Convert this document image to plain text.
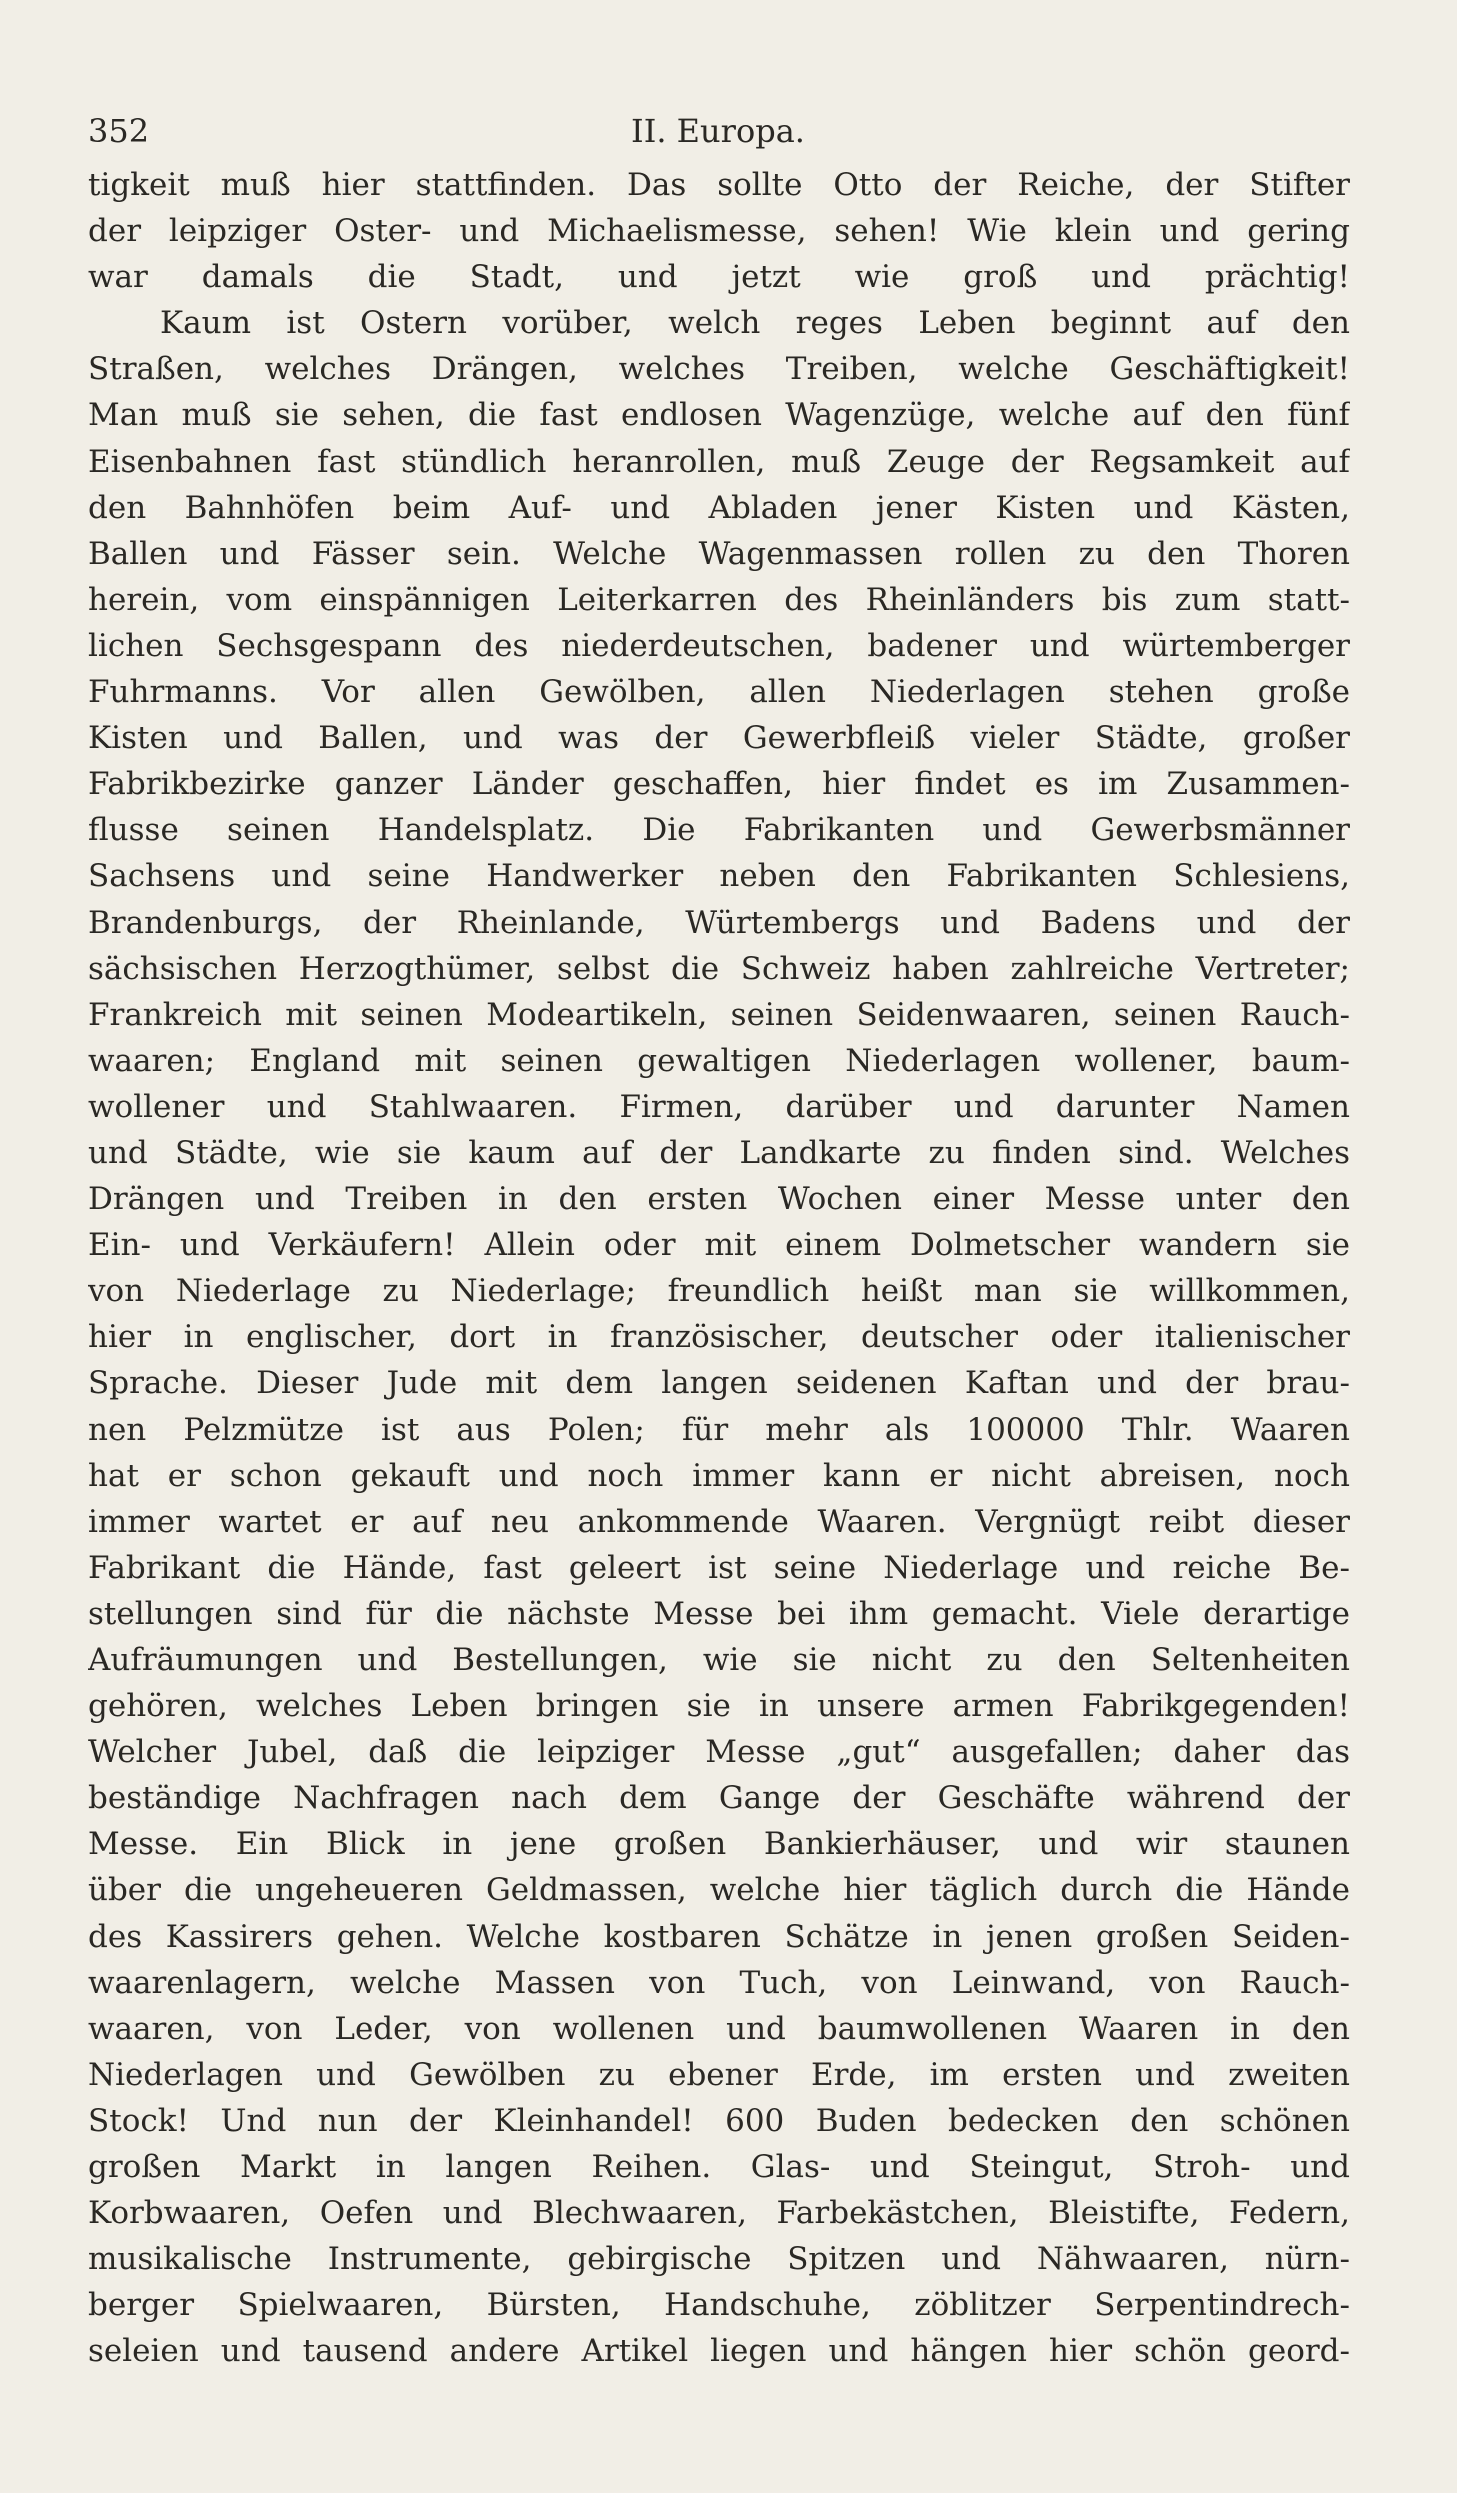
352	II. Europa.
tigkeit muß hier stattfinden. Das sollte Otto der Reiche, der Stifter
der leipziger Oster- und Michaelismesse, sehen! Wie klein und gering
war damals die Stadt, und jetzt wie groß und prächtig!
Kaum ist Ostern vorüber, welch reges Leben beginnt auf den
Straßen, welches Drängen, welches Treiben, welche Geschäftigkeit!
Man muß sie sehen, die fast endlosen Wagenzüge, welche auf den fünf
Eisenbahnen fast stündlich heranrollen, muß Zeuge der Regsamkeit auf
den Bahnhöfen beim Auf- und Abladen jener Kisten und Kästen,
Ballen und Fässer sein. Welche Wagenmassen rollen zu den Thoren
herein, vom einspännigen Leiterkarren des Rheinländers bis zum statt-
lichen Sechsgespann des niederdeutschen, badener und würtemberger
Fuhrmanns. Vor allen Gewölben, allen Niederlagen stehen große
Kisten und Ballen, und was der Gewerbfleiß vieler Städte, großer
Fabrikbezirke ganzer Länder geschaffen, hier findet es im Zusammen-
flusse seinen Handelsplatz. Die Fabrikanten und Gewerbsmänner
Sachsens und seine Handwerker neben den Fabrikanten Schlesiens,
Brandenburgs, der Rheinlande, Würtembergs und Badens und der
sächsischen Herzogthümer, selbst die Schweiz haben zahlreiche Vertreter;
Frankreich mit seinen Modeartikeln, seinen Seidenwaaren, seinen Rauch-
waaren; England mit seinen gewaltigen Niederlagen wollener, baum-
wollener und Stahlwaaren. Firmen, darüber und darunter Namen
und Städte, wie sie kaum auf der Landkarte zu finden sind. Welches
Drängen und Treiben in den ersten Wochen einer Messe unter den
Ein- und Verkäufern! Allein oder mit einem Dolmetscher wandern sie
von Niederlage zu Niederlage; freundlich heißt man sie willkommen,
hier in englischer, dort in französischer, deutscher oder italienischer
Sprache. Dieser Jude mit dem langen seidenen Kaftan und der brau-
nen Pelzmütze ist aus Polen; für mehr als 100000 Thlr. Waaren
hat er schon gekauft und noch immer kann er nicht abreisen, noch
immer wartet er auf neu ankommende Waaren. Vergnügt reibt dieser
Fabrikant die Hände, fast geleert ist seine Niederlage und reiche Be-
stellungen sind für die nächste Messe bei ihm gemacht. Viele derartige
Aufräumungen und Bestellungen, wie sie nicht zu den Seltenheiten
gehören, welches Leben bringen sie in unsere armen Fabrikgegenden!
Welcher Jubel, daß die leipziger Messe „gut“ ausgefallen; daher das
beständige Nachfragen nach dem Gange der Geschäfte während der
Messe. Ein Blick in jene großen Bankierhäuser, und wir staunen
über die ungeheueren Geldmassen, welche hier täglich durch die Hände
des Kassirers gehen. Welche kostbaren Schätze in jenen großen Seiden-
waarenlagern, welche Massen von Tuch, von Leinwand, von Rauch-
waaren, von Leder, von wollenen und baumwollenen Waaren in den
Niederlagen und Gewölben zu ebener Erde, im ersten und zweiten
Stock! Und nun der Kleinhandel! 600 Buden bedecken den schönen
großen Markt in langen Reihen. Glas- und Steingut, Stroh- und
Korbwaaren, Oefen und Blechwaaren, Farbekästchen, Bleistifte, Federn,
musikalische Instrumente, gebirgische Spitzen und Nähwaaren, nürn-
berger Spielwaaren, Bürsten, Handschuhe, zöblitzer Serpentindrech-
seleien und tausend andere Artikel liegen und hängen hier schön geord-
